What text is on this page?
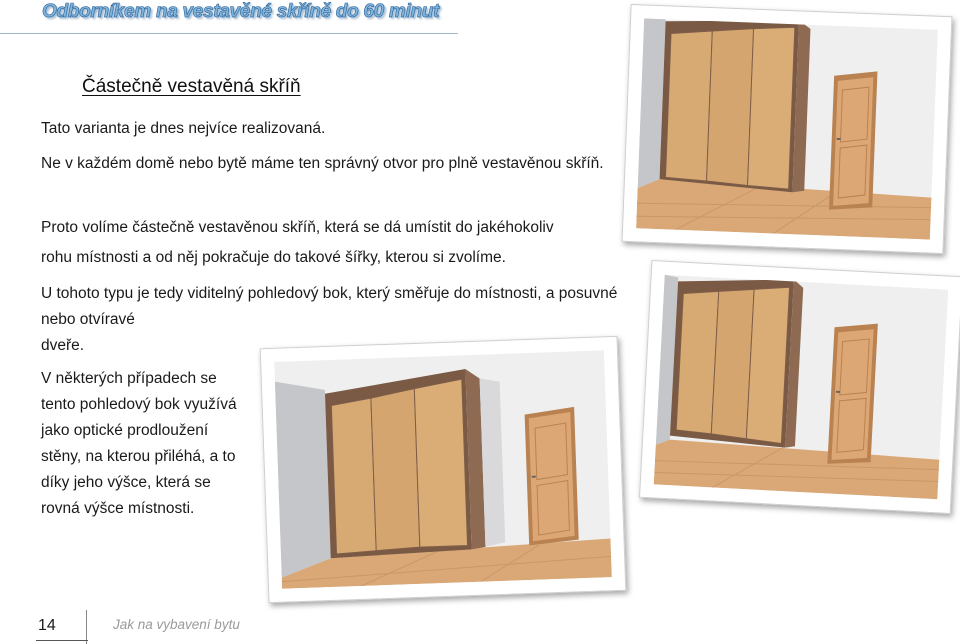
Odborníkem na vestavěné skříně do 60 minut
Částečně vestavěná skříň

Tato varianta je dnes nejvíce realizovaná.

Ne v každém domě nebo bytě máme ten správný otvor pro plně vestavěnou skříň.

Proto volíme částečně vestavěnou skříň, která se dá umístit do jakéhokoliv

rohu místnosti a od něj pokračuje do takové šířky, kterou si zvolíme.

U tohoto typu je tedy viditelný pohledový bok, který směřuje do místnosti, a posuvné nebo otvíravé
dveře.

V některých případech se tento pohledový bok využívá jako optické prodloužení stěny, na kterou přiléhá, a to díky jeho výšce, která se rovná výšce místnosti.

14	Jak na vybavení bytu
